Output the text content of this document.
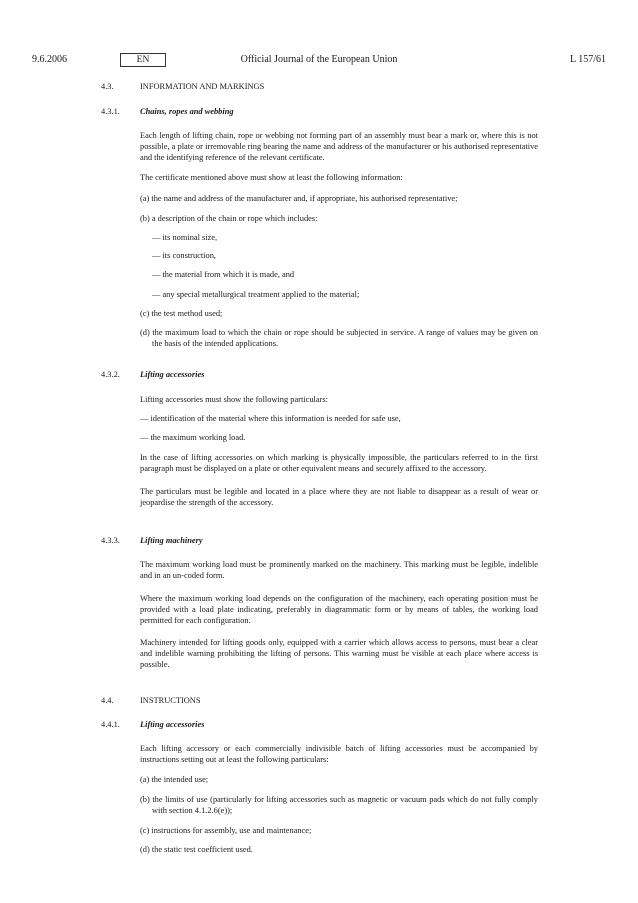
9.6.2006	Official Journal of the European Union
EN	L 157/61
4.3.	INFORMATION AND MARKINGS
4.3.1. Chains, ropes and webbing
Each length of lifting chain, rope or webbing not forming part of an assembly must bear a mark or, where this is not possible, a plate or irremovable ring bearing the name and address of the manufacturer or his authorised representative and the identifying reference of the relevant certificate.
The certificate mentioned above must show at least the following information:
(a) the name and address of the manufacturer and, if appropriate, his authorised representative;
(b) a description of the chain or rope which includes:
— its nominal size,
— its construction,
— the material from which it is made, and
— any special metallurgical treatment applied to the material;
(c) the test method used;
(d) the maximum load to which the chain or rope should be subjected in service. A range of values may be given on the basis of the intended applications.
4.3.2. Lifting accessories
Lifting accessories must show the following particulars:
— identification of the material where this information is needed for safe use,
— the maximum working load.
In the case of lifting accessories on which marking is physically impossible, the particulars referred to in the first paragraph must be displayed on a plate or other equivalent means and securely affixed to the accessory.
The particulars must be legible and located in a place where they are not liable to disappear as a result of wear or jeopardise the strength of the accessory.
4.3.3. Lifting machinery
The maximum working load must be prominently marked on the machinery. This marking must be legible, indelible and in an un-coded form.
Where the maximum working load depends on the configuration of the machinery, each operating position must be provided with a load plate indicating, preferably in diagrammatic form or by means of tables, the working load permitted for each configuration.
Machinery intended for lifting goods only, equipped with a carrier which allows access to persons, must bear a clear and indelible warning prohibiting the lifting of persons. This warning must be visible at each place where access is possible.
4.4.	INSTRUCTIONS
4.4.1. Lifting accessories
Each lifting accessory or each commercially indivisible batch of lifting accessories must be accompanied by instructions setting out at least the following particulars:
(a) the intended use;
(b) the limits of use (particularly for lifting accessories such as magnetic or vacuum pads which do not fully comply with section 4.1.2.6(e));
(c) instructions for assembly, use and maintenance;
(d) the static test coefficient used.
